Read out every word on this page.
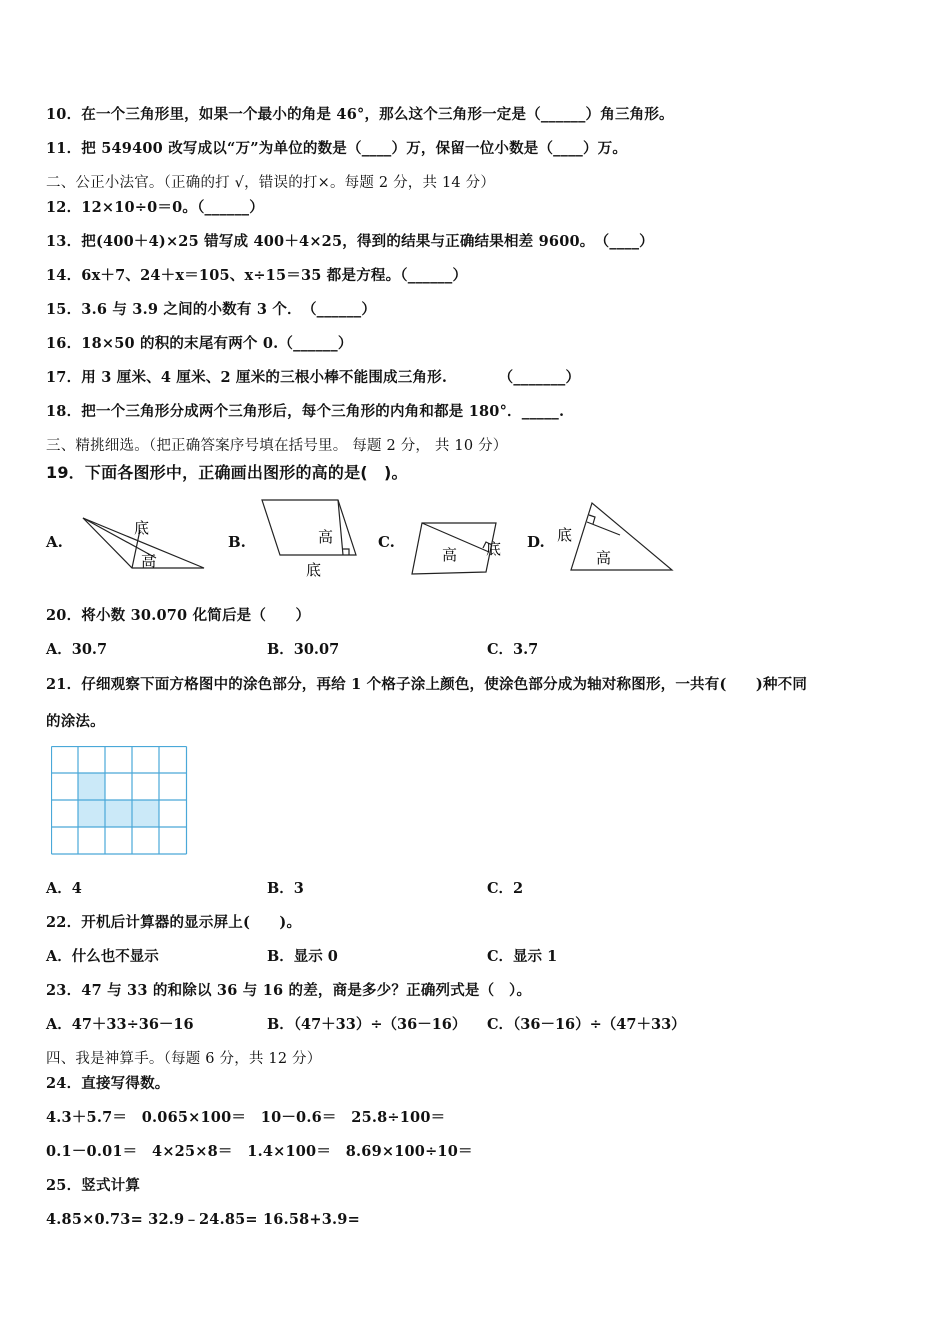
10．在一个三角形里，如果一个最小的角是 46°，那么这个三角形一定是（______）角三角形。
11．把 549400 改写成以“万”为单位的数是（____）万，保留一位小数是（____）万。
二、公正小法官。（正确的打 √，错误的打×。每题 2 分，共 14 分）
12．12×10÷0＝0。（______）
13．把(400＋4)×25 错写成 400＋4×25，得到的结果与正确结果相差 9600。　（____）
14．6x＋7、24＋x＝105、x÷15＝35 都是方程。（______）
15．3.6 与 3.9 之间的小数有 3 个．　（______）
16．18×50 的积的末尾有两个 0.（______）
17．用 3 厘米、4 厘米、2 厘米的三根小棒不能围成三角形.　　　　（_______）
18．把一个三角形分成两个三角形后，每个三角形的内角和都是 180°．_____.
三、精挑细选。（把正确答案序号填在括号里。 每题 2 分， 共 10 分）
19．下面各图形中，正确画出图形的高的是(　)。
A.	B.	C.	D.
底
高
高
底
高 底
底
高
20．将小数 30.070 化简后是（　　）
A．30.7	B．30.07	C．3.7
21．仔细观察下面方格图中的涂色部分，再给 1 个格子涂上颜色，使涂色部分成为轴对称图形，一共有(　　)种不同
的涂法。
A．4	B．3	C．2
22．开机后计算器的显示屏上(　　)。
A．什么也不显示	B．显示 0	C．显示 1
23．47 与 33 的和除以 36 与 16 的差，商是多少？正确列式是（　）。
A．47＋33÷36－16	B．（47＋33）÷（36－16） C．（36－16）÷（47＋33）
四、我是神算手。（每题 6 分，共 12 分）
24．直接写得数。
4.3＋5.7＝　0.065×100＝　10－0.6＝　25.8÷100＝
0.1－0.01＝　4×25×8＝　1.4×100＝　8.69×100÷10＝
25．竖式计算
4.85×0.73= 32.9﹣24.85= 16.58+3.9=
